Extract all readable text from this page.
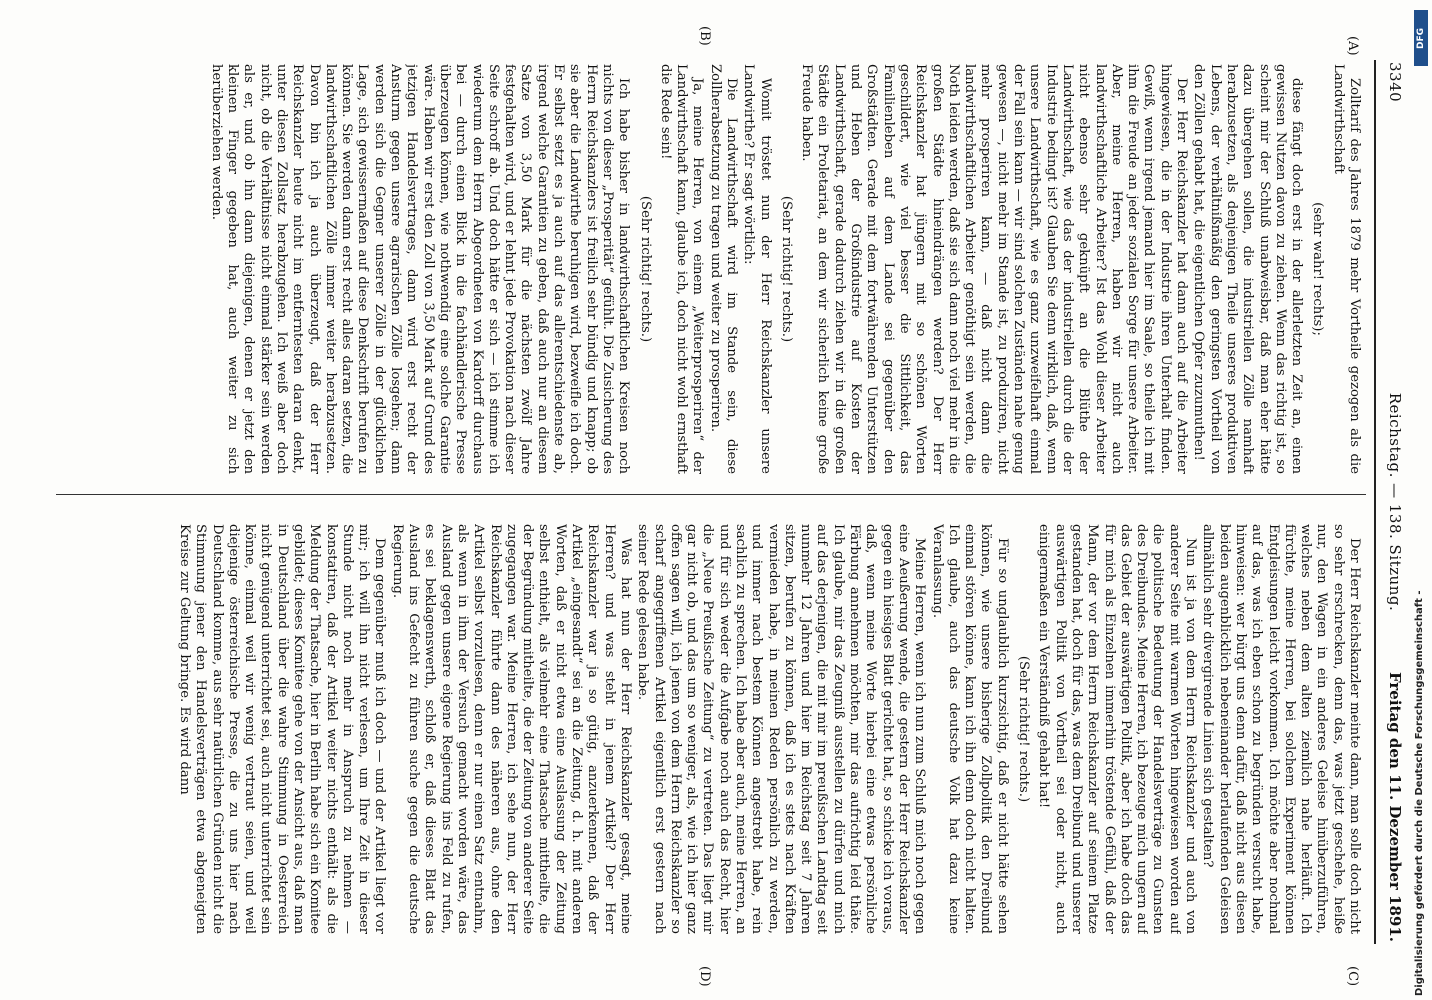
3340
Reichstag. — 138. Sitzung.
Freitag den 11. Dezember 1891.
(A)
(B)
(C)
(D)

Zolltarif des Jahres 1879 mehr Vortheile gezogen als die Landwirthschaft

(sehr wahr! rechts);

diese fängt doch erst in der allerletzten Zeit an, einen gewissen Nutzen davon zu ziehen. Wenn das richtig ist, so scheint mir der Schluß unabweisbar, daß man eher hätte dazu übergehen sollen, die industriellen Zölle namhaft herabzusetzen, als denjenigen Theile unseres produktiven Lebens, der verhältnißmäßig den geringsten Vortheil von den Zöllen gehabt hat, die eigentlichen Opfer zuzumuthen!

Der Herr Reichskanzler hat dann auch auf die Arbeiter hingewiesen, die in der Industrie ihren Unterhalt finden. Gewiß, wenn irgend jemand hier im Saale, so theile ich mit ihm die Freude an jeder sozialen Sorge für unsere Arbeiter. Aber, meine Herren, haben wir nicht auch landwirthschaftliche Arbeiter? Ist das Wohl dieser Arbeiter nicht ebenso sehr geknüpft an die Blüthe der Landwirthschaft, wie das der industriellen durch die der Industrie bedingt ist? Glauben Sie denn wirklich, daß, wenn unsere Landwirthschaft, wie es ganz unzweifelhaft einmal der Fall sein kann — wir sind solchen Zuständen nahe genug gewesen —, nicht mehr im Stande ist, zu produziren, nicht mehr prosperiren kann, — daß nicht dann die landwirthschaftlichen Arbeiter genöthigt sein werden, die Noth leiden werden, daß sie sich dann noch viel mehr in die großen Städte hineindrängen werden? Der Herr Reichskanzler hat jüngern mit so schönen Worten geschildert, wie viel besser die Sittlichkeit, das Familienleben auf dem Lande sei gegenüber den Großstädten. Gerade mit dem fortwährenden Unterstützen und Heben der Großindustrie auf Kosten der Landwirthschaft, gerade dadurch ziehen wir in die großen Städte ein Proletariat, an dem wir sicherlich keine große Freude haben.

(Sehr richtig! rechts.)

Womit tröstet nun der Herr Reichskanzler unsere Landwirthe? Er sagt wörtlich:

Die Landwirthschaft wird im Stande sein, diese Zollherabsetzung zu tragen und weiter zu prosperiren.

Ja, meine Herren, von einem „Weiterprosperiren“ der Landwirthschaft kann, glaube ich, doch nicht wohl ernsthaft die Rede sein!

(Sehr richtig! rechts.)

Ich habe bisher in landwirthschaftlichen Kreisen noch nichts von dieser „Prosperität“ gefühlt. Die Zusicherung des Herrn Reichskanzlers ist freilich sehr bündig und knapp; ob sie aber die Landwirthe beruhigen wird, bezweifle ich doch. Er selbst setzt es ja auch auf das allerentschiedenste ab, irgend welche Garantien zu geben, daß auch nur an diesem Satze von 3,50 Mark für die nächsten zwölf Jahre festgehalten wird, und er lehnt jede Provokation nach dieser Seite schroff ab. Und doch hätte er sich — ich stimme ich wiederum dem Herrn Abgeordneten von Kardorff durchaus bei — durch einen Blick in die fachhändlerische Presse überzeugen können, wie nothwendig eine solche Garantie wäre. Haben wir erst den Zoll von 3,50 Mark auf Grund des jetzigen Handelsvertrages, dann wird erst recht der Ansturm gegen unsere agrarischen Zölle losgehen; dann werden sich die Gegner unserer Zölle in der glücklichen Lage, sich gewissermaßen auf diese Denkschrift berufen zu können. Sie werden dann erst recht alles daran setzen, die landwirthschaftlichen Zölle immer weiter herabzusetzen. Davon bin ich ja auch überzeugt, daß der Herr Reichskanzler heute nicht im entferntesten daran denkt, unter diesen Zollsatz herabzugehen. Ich weiß aber doch nicht, ob die Verhältnisse nicht einmal stärker sein werden als er, und ob ihn dann diejenigen, denen er jetzt den kleinen Finger gegeben hat, auch weiter zu sich herüberziehen werden.

Der Herr Reichskanzler meinte dann, man solle doch nicht so sehr erschrecken, denn das, was jetzt geschehe, heiße nur, den Wagen in ein anderes Geleise hinüberzuführen, welches neben dem alten ziemlich nahe herläuft. Ich fürchte, meine Herren, bei solchem Experiment können Entgleisungen leicht vorkommen. Ich möchte aber nochmal auf das, was ich eben schon zu begründen versucht habe, hinweisen: wer bürgt uns denn dafür, daß nicht aus diesen beiden augenblicklich nebeneinander herlaufenden Geleisen allmählich sehr divergirende Linien sich gestalten?

Nun ist ja von dem Herrn Reichskanzler und auch von anderer Seite mit warmen Worten hingewiesen worden auf die politische Bedeutung der Handelsverträge zu Gunsten des Dreibundes. Meine Herren, ich bezeuge mich ungern auf das Gebiet der auswärtigen Politik, aber ich habe doch das für mich als Einzelnen immerhin tröstende Gefühl, daß der Mann, der vor dem Herrn Reichskanzler auf seinem Platze gestanden hat, doch für das, was dem Dreibund und unserer auswärtigen Politik von Vortheil sei oder nicht, auch einigermaßen ein Verständniß gehabt hat!

(Sehr richtig! rechts.)

Für so unglaublich kurzsichtig, daß er nicht hätte sehen können, wie unsere bisherige Zollpolitik den Dreibund einmal stören könne, kann ich ihn denn doch nicht halten. Ich glaube, auch das deutsche Volk hat dazu keine Veranlassung.

Meine Herren, wenn ich nun zum Schluß mich noch gegen eine Aeußerung wende, die gestern der Herr Reichskanzler gegen ein hiesiges Blatt gerichtet hat, so schicke ich voraus, daß, wenn meine Worte hierbei eine etwas persönliche Färbung annehmen möchten, mir das aufrichtig leid thäte. Ich glaube, mir das Zeugniß ausstellen zu dürfen und mich auf das derjenigen, die mit mir im preußischen Landtag seit nunmehr 12 Jahren und hier im Reichstag seit 7 Jahren sitzen, berufen zu können, daß ich es stets nach Kräften vermieden habe, in meinen Reden persönlich zu werden, und immer nach bestem Können angestrebt habe, rein sachlich zu sprechen. Ich habe aber auch, meine Herren, an und für sich weder die Aufgabe noch auch das Recht, hier die „Neue Preußische Zeitung“ zu vertreten. Das liegt mir gar nicht ob, und das um so weniger, als, wie ich hier ganz offen sagen will, ich jenen von dem Herrn Reichskanzler so scharf angegriffenen Artikel eigentlich erst gestern nach seiner Rede gelesen habe.

Was hat nun der Herr Reichskanzler gesagt, meine Herren? und was steht in jenem Artikel? Der Herr Reichskanzler war ja so gütig, anzuerkennen, daß der Artikel „eingesandt“ sei an die Zeitung, d. h. mit anderen Worten, daß er nicht etwa eine Auslassung der Zeitung selbst enthielt, als vielmehr eine Thatsache mittheilte, die der Begründung mitheilte, die der Zeitung von anderer Seite zugegangen war. Meine Herren, ich sehe nun, der Herr Reichskanzler führte dann des näheren aus, ohne den Artikel selbst vorzulesen, denn er nur einen Satz entnahm, als wenn in ihm der Versuch gemacht worden wäre, das Ausland gegen unsere eigene Regierung ins Feld zu rufen, es sei beklagenswerth, schloß er, daß dieses Blatt das Ausland ins Gefecht zu führen suche gegen die deutsche Regierung.

Dem gegenüber muß ich doch — und der Artikel liegt vor mir; ich will ihn nicht verlesen, um Ihre Zeit in dieser Stunde nicht noch mehr in Anspruch zu nehmen — konstatiren, daß der Artikel weiter nichts enthält: als die Meldung der Thatsache, hier in Berlin habe sich ein Komitee gebildet; dieses Komitee gehe von der Ansicht aus, daß man in Deutschland über die wahre Stimmung in Oesterreich nicht genügend unterrichtet sei, auch nicht unterrichtet sein könne, einmal weil wir wenig vertraut seien, und weil diejenige österreichische Presse, die zu uns hier nach Deutschland komme, aus sehr natürlichen Gründen nicht die Stimmung jener den Handelsverträgen etwa abgeneigten Kreise zur Geltung bringe. Es wird dann

DFG
Digitalisierung gefördert durch die Deutsche Forschungsgemeinschaft -
